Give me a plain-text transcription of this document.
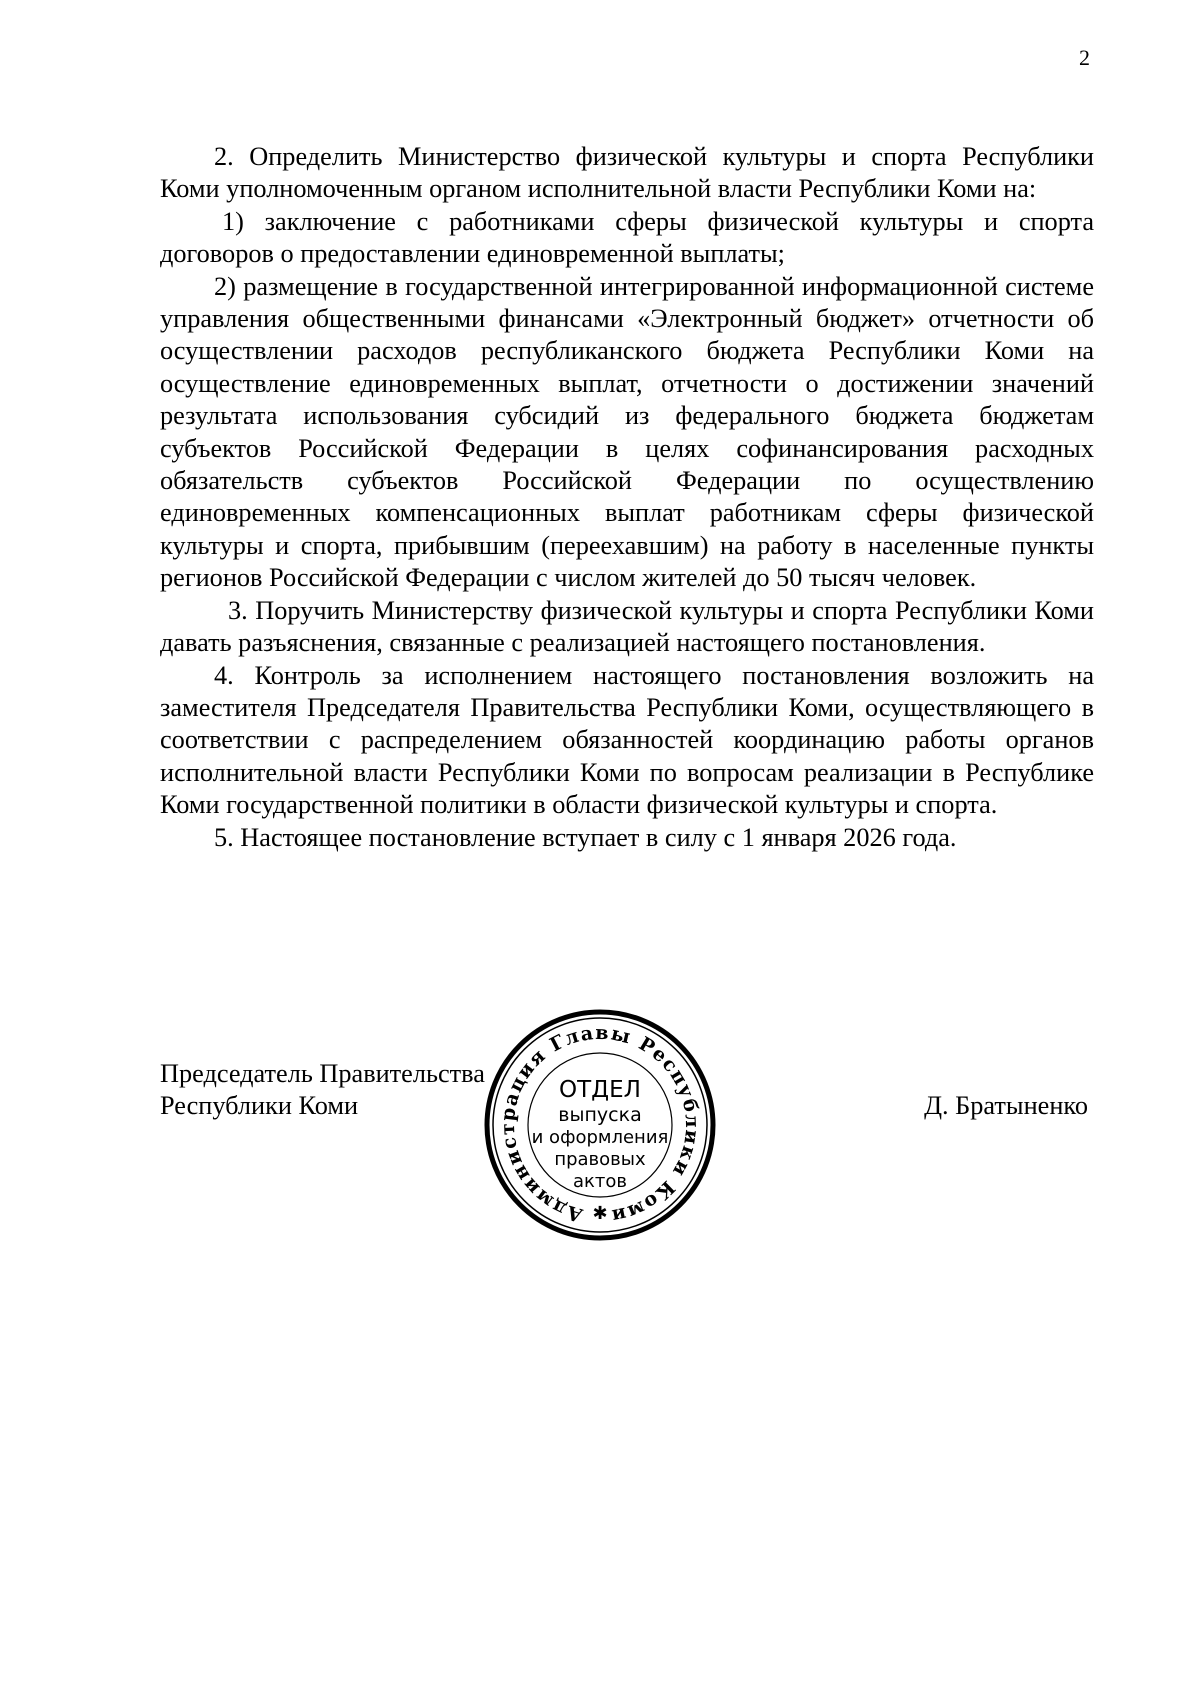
2

2. Определить Министерство физической культуры и спорта Республики Коми уполномоченным органом исполнительной власти Республики Коми на:

1) заключение с работниками сферы физической культуры и спорта договоров о предоставлении единовременной выплаты;

2) размещение в государственной интегрированной информационной системе управления общественными финансами «Электронный бюджет» отчетности об осуществлении расходов республиканского бюджета Республики Коми на осуществление единовременных выплат, отчетности о достижении значений результата использования субсидий из федерального бюджета бюджетам субъектов Российской Федерации в целях софинансирования расходных обязательств субъектов Российской Федерации по осуществлению единовременных компенсационных выплат работникам сферы физической культуры и спорта, прибывшим (переехавшим) на работу в населенные пункты регионов Российской Федерации с числом жителей до 50 тысяч человек.

3. Поручить Министерству физической культуры и спорта Республики Коми давать разъяснения, связанные с реализацией настоящего постановления.

4. Контроль за исполнением настоящего постановления возложить на заместителя Председателя Правительства Республики Коми, осуществляющего в соответствии с распределением обязанностей координацию работы органов исполнительной власти Республики Коми по вопросам реализации в Республике Коми государственной политики в области физической культуры и спорта.

5. Настоящее постановление вступает в силу с 1 января 2026 года.

Председатель Правительства
Республики Коми	Д. Братыненко
Администрация Главы Республики Коми
ОТДЕЛ
выпуска
и оформления
правовых
актов
✱
